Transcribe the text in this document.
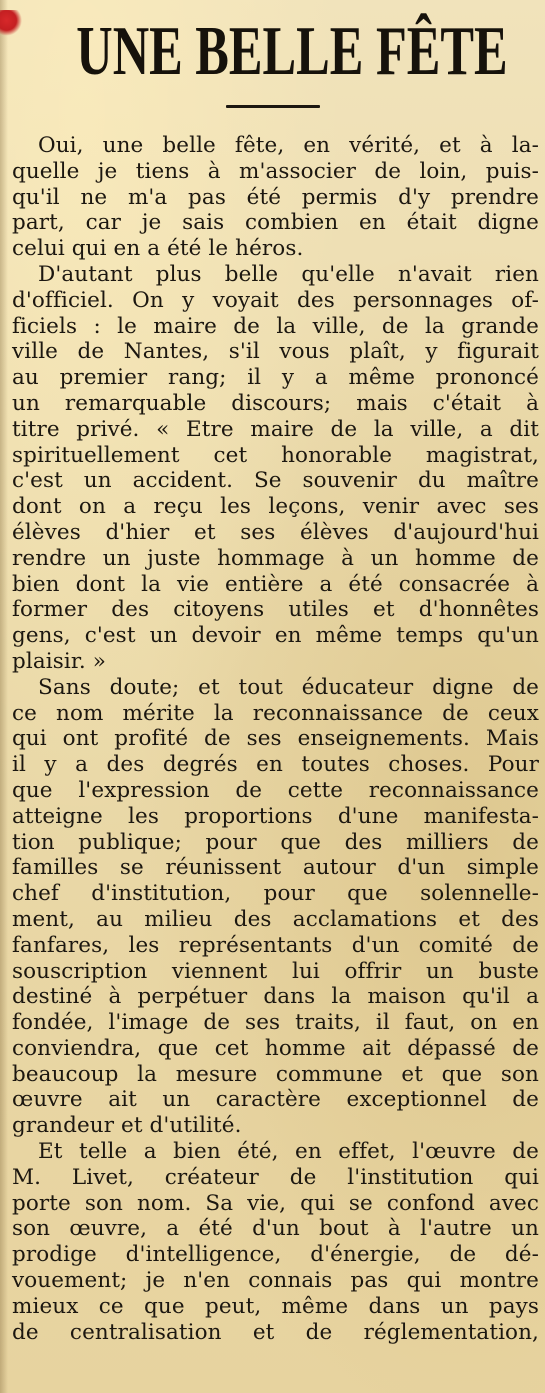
UNE BELLE FÊTE
Oui, une belle fête, en vérité, et à la-
quelle je tiens à m'associer de loin, puis-
qu'il ne m'a pas été permis d'y prendre
part, car je sais combien en était digne
celui qui en a été le héros.
D'autant plus belle qu'elle n'avait rien
d'officiel. On y voyait des personnages of-
ficiels : le maire de la ville, de la grande
ville de Nantes, s'il vous plaît, y figurait
au premier rang; il y a même prononcé
un remarquable discours; mais c'était à
titre privé. « Etre maire de la ville, a dit
spirituellement cet honorable magistrat,
c'est un accident. Se souvenir du maître
dont on a reçu les leçons, venir avec ses
élèves d'hier et ses élèves d'aujourd'hui
rendre un juste hommage à un homme de
bien dont la vie entière a été consacrée à
former des citoyens utiles et d'honnêtes
gens, c'est un devoir en même temps qu'un
plaisir. »
Sans doute; et tout éducateur digne de
ce nom mérite la reconnaissance de ceux
qui ont profité de ses enseignements. Mais
il y a des degrés en toutes choses. Pour
que l'expression de cette reconnaissance
atteigne les proportions d'une manifesta-
tion publique; pour que des milliers de
familles se réunissent autour d'un simple
chef d'institution, pour que solennelle-
ment, au milieu des acclamations et des
fanfares, les représentants d'un comité de
souscription viennent lui offrir un buste
destiné à perpétuer dans la maison qu'il a
fondée, l'image de ses traits, il faut, on en
conviendra, que cet homme ait dépassé de
beaucoup la mesure commune et que son
œuvre ait un caractère exceptionnel de
grandeur et d'utilité.
Et telle a bien été, en effet, l'œuvre de
M. Livet, créateur de l'institution qui
porte son nom. Sa vie, qui se confond avec
son œuvre, a été d'un bout à l'autre un
prodige d'intelligence, d'énergie, de dé-
vouement; je n'en connais pas qui montre
mieux ce que peut, même dans un pays
de centralisation et de réglementation,
